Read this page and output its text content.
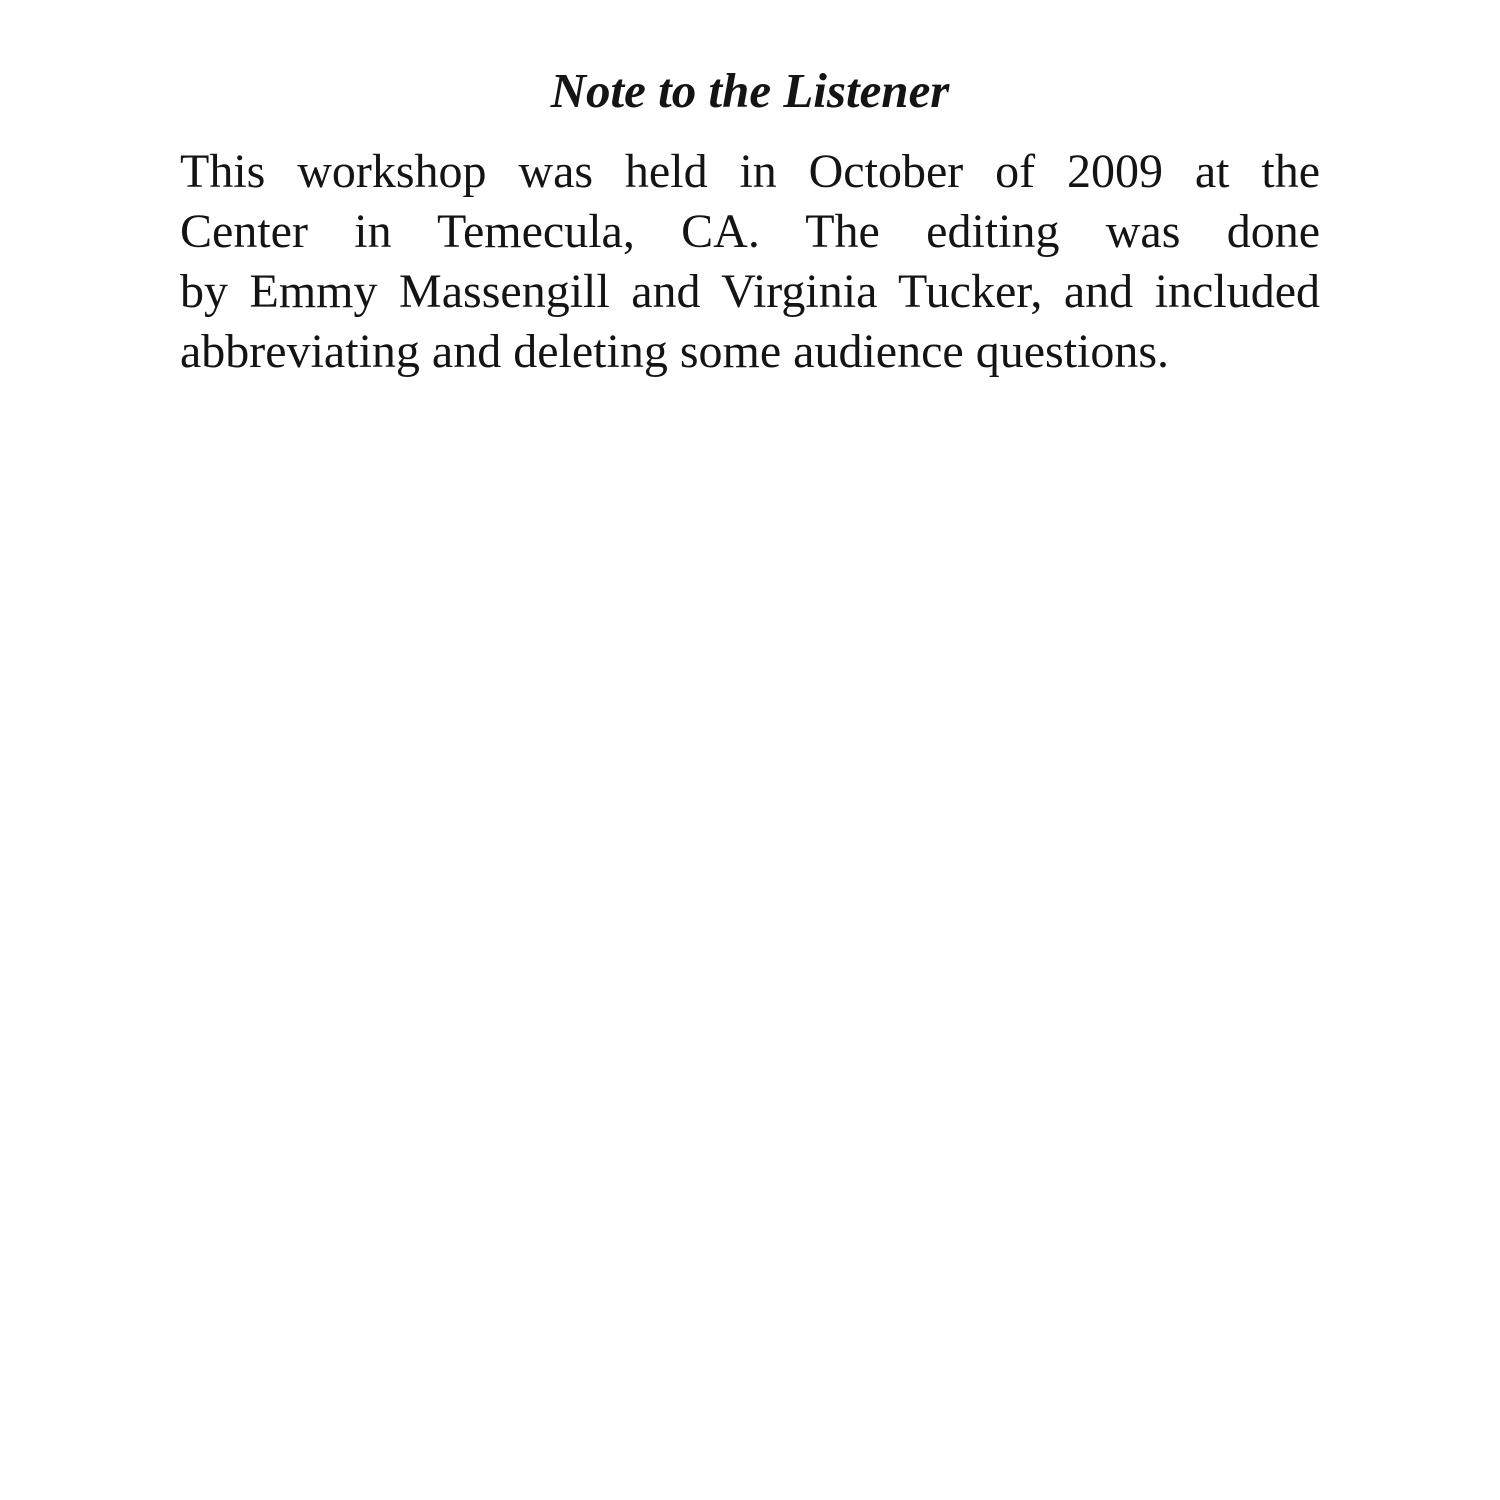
Note to the Listener
This workshop was held in October of 2009 at the
Center in Temecula, CA. The editing was done
by Emmy Massengill and Virginia Tucker, and included
abbreviating and deleting some audience questions.
